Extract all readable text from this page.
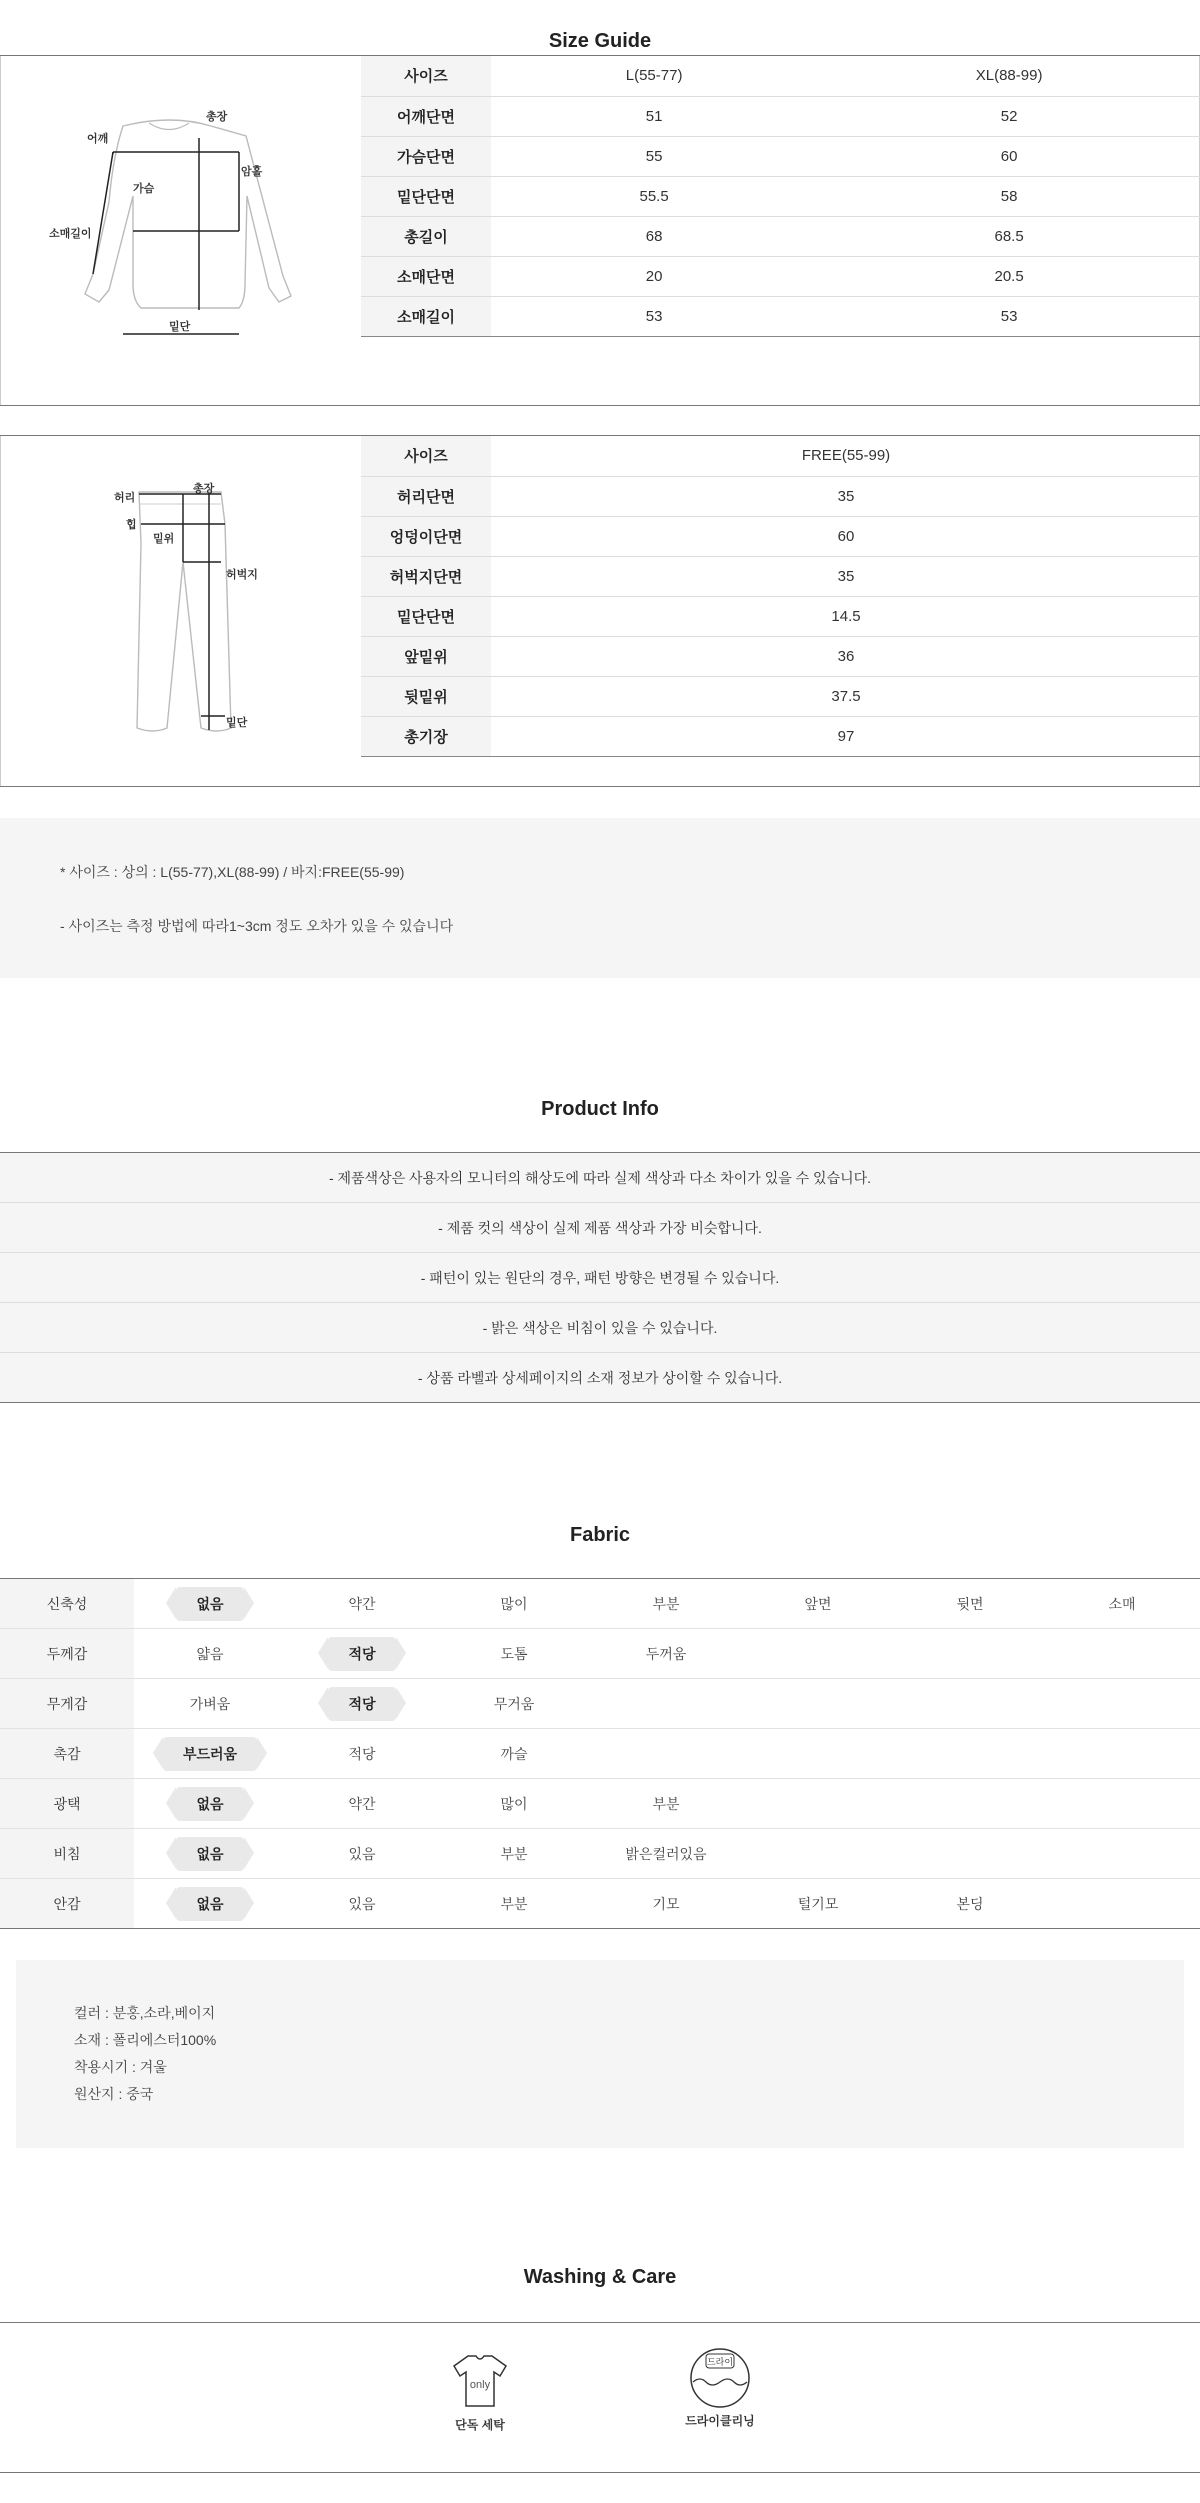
Size Guide
어깨
총장
가슴
암홀
소매길이
밑단
사이즈	L(55-77)	XL(88-99)
어깨단면	51	52
가슴단면	55	60
밑단단면	55.5	58
총길이	68	68.5
소매단면	20	20.5
소매길이	53	53
허리
총장
힙
밑위
허벅지
밑단
사이즈	FREE(55-99)
허리단면	35
엉덩이단면	60
허벅지단면	35
밑단단면	14.5
앞밑위	36
뒷밑위	37.5
총기장	97
* 사이즈 : 상의 : L(55-77),XL(88-99) / 바지:FREE(55-99)
- 사이즈는 측정 방법에 따라1~3cm 정도 오차가 있을 수 있습니다
Product Info
- 제품색상은 사용자의 모니터의 해상도에 따라 실제 색상과 다소 차이가 있을 수 있습니다.
- 제품 컷의 색상이 실제 제품 색상과 가장 비슷합니다.
- 패턴이 있는 원단의 경우, 패턴 방향은 변경될 수 있습니다.
- 밝은 색상은 비침이 있을 수 있습니다.
- 상품 라벨과 상세페이지의 소재 정보가 상이할 수 있습니다.
Fabric
신축성	없음	약간	많이	부분	앞면	뒷면	소매
두께감	얇음	적당	도톰	두꺼움
무게감	가벼움	적당	무거움
촉감	부드러움	적당	까슬
광택	없음	약간	많이	부분
비침	없음	있음	부분	밝은컬러있음
안감	없음	있음	부분	기모	털기모	본딩
컬러 : 분홍,소라,베이지
소재 : 폴리에스터100%
착용시기 : 겨울
원산지 : 중국
Washing & Care
only
단독 세탁
드라이
드라이클리닝
